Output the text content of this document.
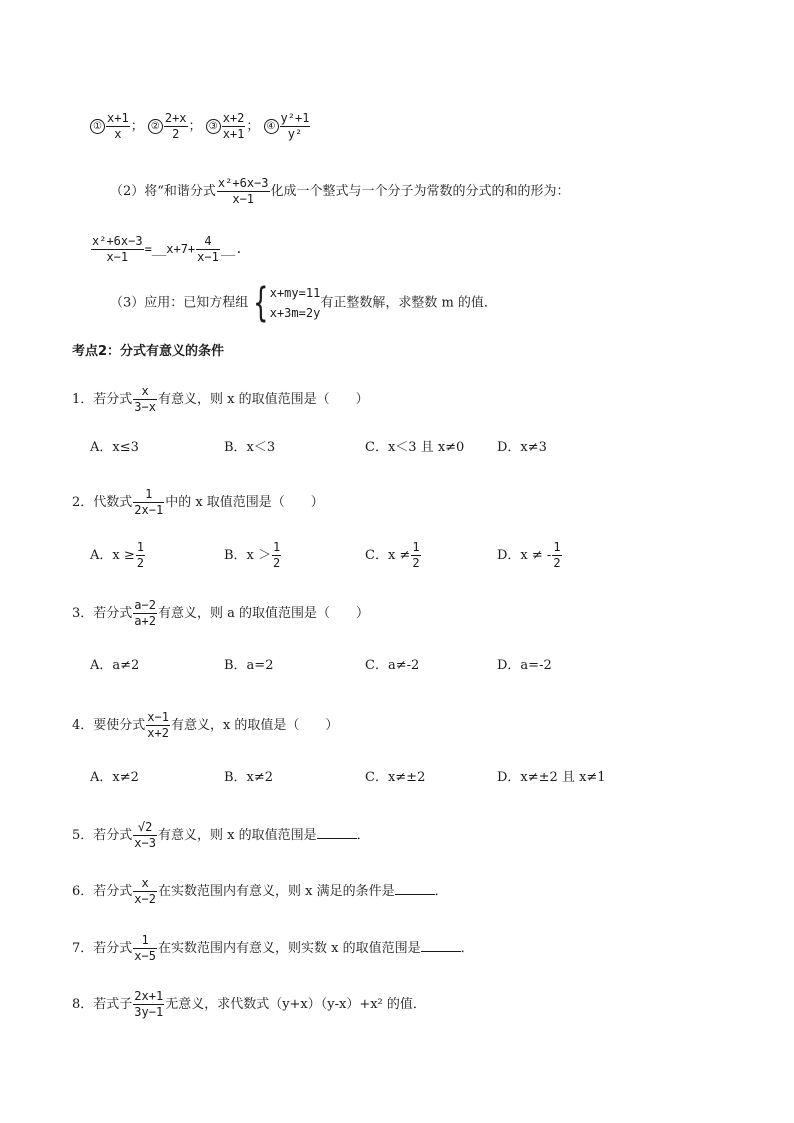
① $\frac{x+1}{x}$ ； ② $\frac{2+x}{2}$ ； ③ $\frac{x+2}{x+1}$ ； ④ $\frac{\text{y²+1}}{\text{y²}}$
（2）将“和谐分式 $\frac{\text{x²+6x−3}}{x-1}$ 化成一个整式与一个分子为常数的分式的和的形为：
$\frac{\text{x²+6x−3}}{x-1}$ =__x+7+ $\frac{4}{x-1}$ __.
（3）应用：已知方程组 { x+my=11
x+3m=2y
有正整数解，求整数 m 的值．
考点2：分式有意义的条件
1．若分式 $\frac{x}{3-x}$ 有意义，则 x 的取值范围是（　　）
A．x≤3	B．x＜3	C．x＜3 且 x≠0	D．x≠3
2．代数式 $\frac{1}{2x-1}$ 中的 x 取值范围是（　　）
A．$x \ge \frac{1}{2}$	B．$x > \frac{1}{2}$	C．$x \ne \frac{1}{2}$	D．x ≠ - $\frac{1}{2}$
3．若分式 $\frac{a-2}{a+2}$ 有意义，则 a 的取值范围是（　　）
A．a≠2	B．a=2	C．a≠-2	D．a=-2
4．要使分式 $\frac{x-1}{x+2}$ 有意义，x 的取值是（　　）
A．x≠2	B．x≠2	C．x≠±2	D．x≠±2 且 x≠1
5．若分式 $\frac{√2}{x-3}$ 有意义，则 x 的取值范围是	．
6．若分式 $\frac{x}{x-2}$ 在实数范围内有意义，则 x 满足的条件是	．
7．若分式 $\frac{1}{x-5}$ 在实数范围内有意义，则实数 x 的取值范围是	．
8．若式子 $\frac{2x+1}{3y-1}$ 无意义，求代数式（y+x）（y-x）+x² 的值．
